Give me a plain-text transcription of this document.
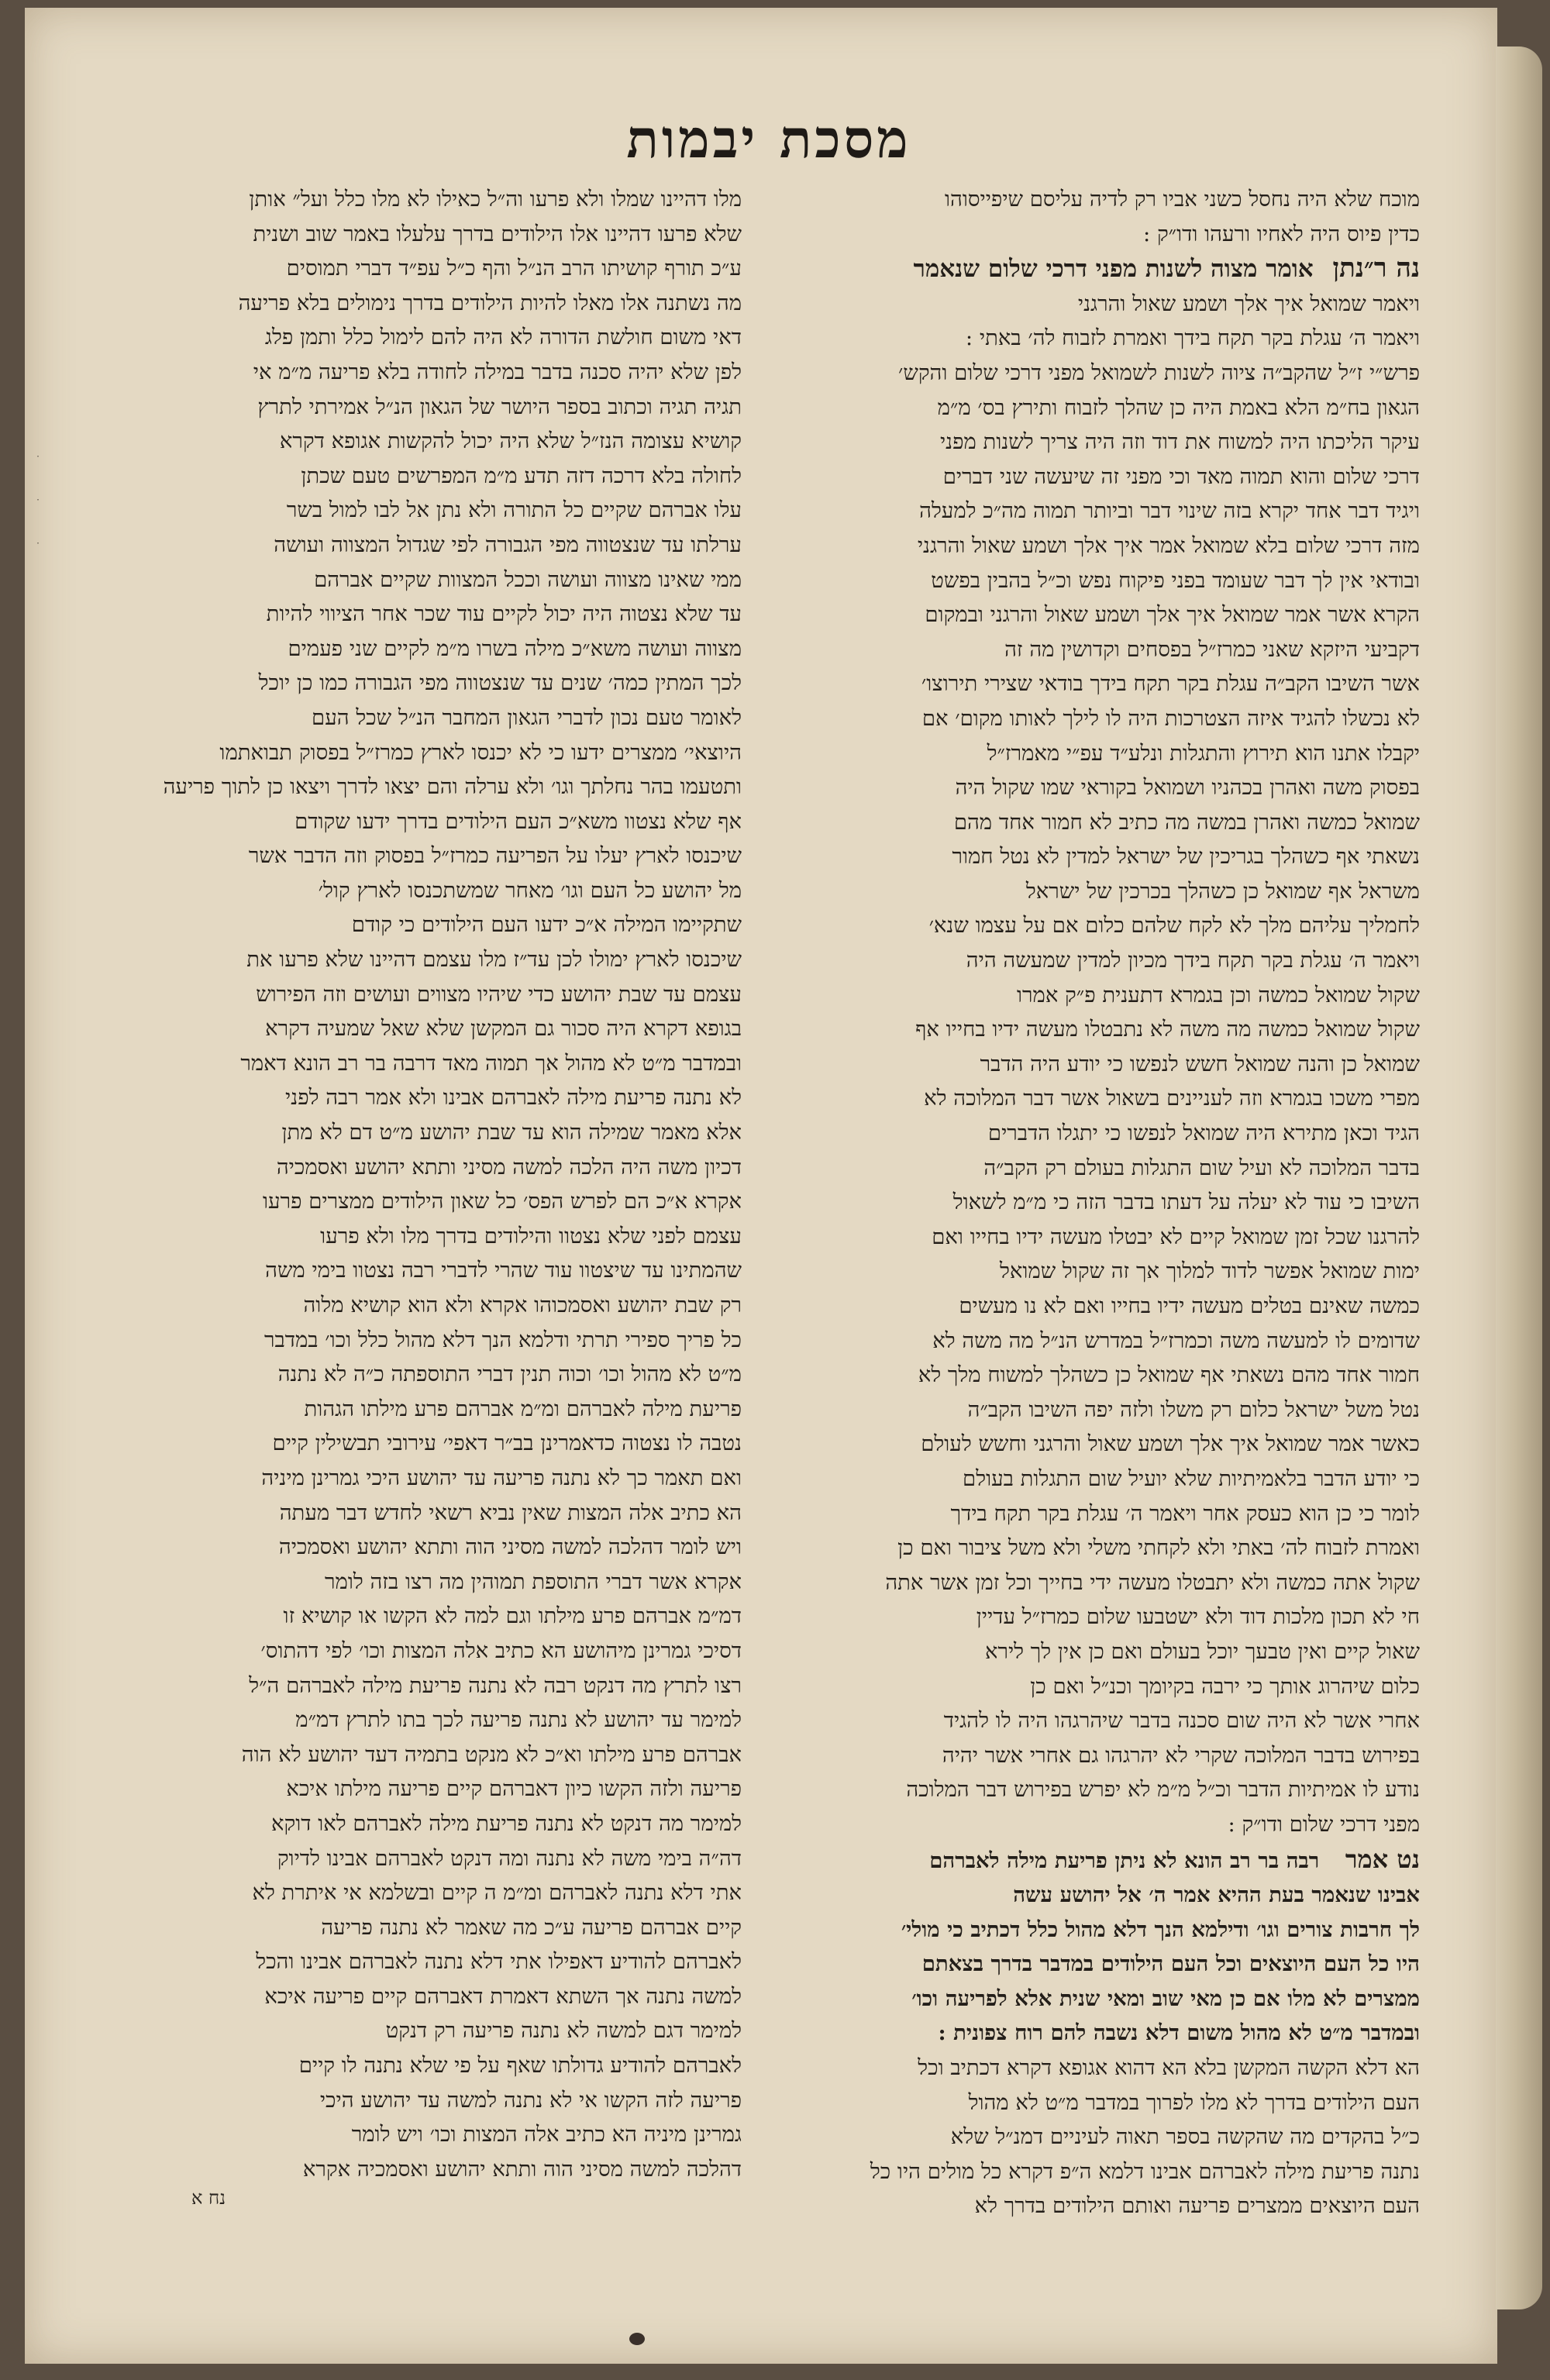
מסכת יבמות
מוכח שלא היה נחסל כשני אביו רק לדיה עליסם שיפייסוהו
כדין פיוס היה לאחיו ורעהו ודו״ק :
נה ר״נתן אומר מצוה לשנות מפני דרכי שלום שנאמר
ויאמר שמואל איך אלך ושמע שאול והרגני
ויאמר ה׳ עגלת בקר תקח בידך ואמרת לזבוח לה׳ באתי :
פרש״י ז״ל שהקב״ה ציוה לשנות לשמואל מפני דרכי שלום והקש׳
הגאון בח״מ הלא באמת היה כן שהלך לזבוח ותירץ בס׳ מ״מ
עיקר הליכתו היה למשוח את דוד וזה היה צריך לשנות מפני
דרכי שלום והוא תמוה מאד וכי מפני זה שיעשה שני דברים
ויגיד דבר אחד יקרא בזה שינוי דבר וביותר תמוה מה״כ למעלה
מזה דרכי שלום בלא שמואל אמר איך אלך ושמע שאול והרגני
ובודאי אין לך דבר שעומד בפני פיקוח נפש וכ״ל בהבין בפשט
הקרא אשר אמר שמואל איך אלך ושמע שאול והרגני ובמקום
דקביעי היזקא שאני כמרז״ל בפסחים וקדושין מה זה
אשר השיבו הקב״ה עגלת בקר תקח בידך בודאי שצירי תירוצו׳
לא נכשלו להגיד איזה הצטרכות היה לו לילך לאותו מקום׳ אם
יקבלו אתנו הוא תירוץ והתגלות ונלע״ד עפ״י מאמרז״ל
בפסוק משה ואהרן בכהניו ושמואל בקוראי שמו שקול היה
שמואל כמשה ואהרן במשה מה כתיב לא חמור אחד מהם
נשאתי אף כשהלך בגריכין של ישראל למדין לא נטל חמור
משראל אף שמואל כן כשהלך בכרכין של ישראל
לחמליך עליהם מלך לא לקח שלהם כלום אם על עצמו שנא׳
ויאמר ה׳ עגלת בקר תקח בידך מכיון למדין שמעשה היה
שקול שמואל כמשה וכן בגמרא דתענית פ״ק אמרו
שקול שמואל כמשה מה משה לא נתבטלו מעשה ידיו בחייו אף
שמואל כן והנה שמואל חשש לנפשו כי יודע היה הדבר
מפרי משכו בגמרא וזה לעניינים בשאול אשר דבר המלוכה לא
הגיד וכאן מתירא היה שמואל לנפשו כי יתגלו הדברים
בדבר המלוכה לא ועיל שום התגלות בעולם רק הקב״ה
השיבו כי עוד לא יעלה על דעתו בדבר הזה כי מ״מ לשאול
להרגנו שכל זמן שמואל קיים לא יבטלו מעשה ידיו בחייו ואם
ימות שמואל אפשר לדוד למלוך אך זה שקול שמואל
כמשה שאינם בטלים מעשה ידיו בחייו ואם לא נו מעשים
שדומים לו למעשה משה וכמרז״ל במדרש הנ״ל מה משה לא
חמור אחד מהם נשאתי אף שמואל כן כשהלך למשוח מלך לא
נטל משל ישראל כלום רק משלו ולזה יפה השיבו הקב״ה
כאשר אמר שמואל איך אלך ושמע שאול והרגני וחשש לעולם
כי יודע הדבר בלאמיתיות שלא יועיל שום התגלות בעולם
לומר כי כן הוא כעסק אחר ויאמר ה׳ עגלת בקר תקח בידך
ואמרת לזבוח לה׳ באתי ולא לקחתי משלי ולא משל ציבור ואם כן
שקול אתה כמשה ולא יתבטלו מעשה ידי בחייך וכל זמן אשר אתה
חי לא תכון מלכות דוד ולא ישטבעו שלום כמרז״ל עדיין
שאול קיים ואין טבעך יוכל בעולם ואם כן אין לך לירא
כלום שיהרוג אותך כי ירבה בקיומך וכנ״ל ואם כן
אחרי אשר לא היה שום סכנה בדבר שיהרגהו היה לו להגיד
בפירוש בדבר המלוכה שקרי לא יהרגהו גם אחרי אשר יהיה
נודע לו אמיתיות הדבר וכ״ל מ״מ לא יפרש בפירוש דבר המלוכה
מפני דרכי שלום ודו״ק :
נט אמר רבה בר רב הונא לא ניתן פריעת מילה לאברהם
אבינו שנאמר בעת ההיא אמר ה׳ אל יהושע עשה
לך חרבות צורים וגו׳ ודילמא הנך דלא מהול כלל דכתיב כי מולי׳
היו כל העם היוצאים וכל העם הילודים במדבר בדרך בצאתם
ממצרים לא מלו אם כן מאי שוב ומאי שנית אלא לפריעה וכו׳
ובמדבר מ״ט לא מהול משום דלא נשבה להם רוח צפונית :
הא דלא הקשה המקשן בלא הא דהוא אגופא דקרא דכתיב וכל
העם הילודים בדרך לא מלו לפרוך במדבר מ״ט לא מהול
כ״ל בהקדים מה שהקשה בספר תאוה לעיניים דמנ״ל שלא
נתנה פריעת מילה לאברהם אבינו דלמא ה״פ דקרא כל מולים היו כל
העם היוצאים ממצרים פריעה ואותם הילודים בדרך לא
מלו דהיינו שמלו ולא פרעו וה״ל כאילו לא מלו כלל ועל״ אותן
שלא פרעו דהיינו אלו הילודים בדרך עלעלו באמר שוב ושנית
ע״כ תורף קושיתו הרב הנ״ל והף כ״ל עפ״ד דברי תמוסים
מה נשתנה אלו מאלו להיות הילודים בדרך נימולים בלא פריעה
דאי משום חולשת הדורה לא היה להם לימול כלל ותמן פלג
לפן שלא יהיה סכנה בדבר במילה לחודה בלא פריעה מ״מ אי
תגיה תגיה וכתוב בספר היושר של הגאון הנ״ל אמירתי לתרץ
קושיא עצומה הנז״ל שלא היה יכול להקשות אגופא דקרא
לחולה בלא דרכה דזה תדע מ״מ המפרשים טעם שכתן
עלו אברהם שקיים כל התורה ולא נתן אל לבו למול בשר
ערלתו עד שנצטווה מפי הגבורה לפי שגדול המצווה ועושה
ממי שאינו מצווה ועושה וככל המצוות שקיים אברהם
עד שלא נצטוה היה יכול לקיים עוד שכר אחר הציווי להיות
מצווה ועושה משא״כ מילה בשרו מ״מ לקיים שני פעמים
לכך המתין כמה׳ שנים עד שנצטווה מפי הגבורה כמו כן יוכל
לאומר טעם נכון לדברי הגאון המחבר הנ״ל שכל העם
היוצאי׳ ממצרים ידעו כי לא יכנסו לארץ כמרז״ל בפסוק תבואתמו
ותטעמו בהר נחלתך וגו׳ ולא ערלה והם יצאו לדרך ויצאו כן לתוך פריעה
אף שלא נצטוו משא״כ העם הילודים בדרך ידעו שקודם
שיכנסו לארץ יעלו על הפריעה כמרז״ל בפסוק וזה הדבר אשר
מל יהושע כל העם וגו׳ מאחר שמשתכנסו לארץ קול׳
שתקיימו המילה א״כ ידעו העם הילודים כי קודם
שיכנסו לארץ ימולו לכן עד״ז מלו עצמם דהיינו שלא פרעו את
עצמם עד שבת יהושע כדי שיהיו מצווים ועושים וזה הפירוש
בגופא דקרא היה סכור גם המקשן שלא שאל שמעיה דקרא
ובמדבר מ״ט לא מהול אך תמוה מאד דרבה בר רב הונא דאמר
לא נתנה פריעת מילה לאברהם אבינו ולא אמר רבה לפני
אלא מאמר שמילה הוא עד שבת יהושע מ״ט דם לא מתן
דכיון משה היה הלכה למשה מסיני ותתא יהושע ואסמכיה
אקרא א״כ הם לפרש הפס׳ כל שאון הילודים ממצרים פרעו
עצמם לפני שלא נצטוו והילודים בדרך מלו ולא פרעו
שהמתינו עד שיצטוו עוד שהרי לדברי רבה נצטוו בימי משה
רק שבת יהושע ואסמכוהו אקרא ולא הוא קושיא מלוה
כל פריך ספירי תרתי ודלמא הנך דלא מהול כלל וכו׳ במדבר
מ״ט לא מהול וכו׳ וכוה תנין דברי התוספתה כ״ה לא נתנה
פריעת מילה לאברהם ומ״מ אברהם פרע מילתו הגהות
נטבה לו נצטוה כדאמרינן בב״ר דאפי׳ עירובי תבשילין קיים
ואם תאמר כך לא נתנה פריעה עד יהושע היכי גמרינן מיניה
הא כתיב אלה המצות שאין נביא רשאי לחדש דבר מעתה
ויש לומר דהלכה למשה מסיני הוה ותתא יהושע ואסמכיה
אקרא אשר דברי התוספת תמוהין מה רצו בזה לומר
דמ״מ אברהם פרע מילתו וגם למה לא הקשו או קושיא זו
דסיכי גמרינן מיהושע הא כתיב אלה המצות וכו׳ לפי דהתוס׳
רצו לתרץ מה דנקט רבה לא נתנה פריעת מילה לאברהם ה״ל
למימר עד יהושע לא נתנה פריעה לכך בתו לתרץ דמ״מ
אברהם פרע מילתו וא״כ לא מנקט בתמיה דעד יהושע לא הוה
פריעה ולזה הקשו כיון דאברהם קיים פריעה מילתו איכא
למימר מה דנקט לא נתנה פריעת מילה לאברהם לאו דוקא
דה״ה בימי משה לא נתנה ומה דנקט לאברהם אבינו לדיוק
אתי דלא נתנה לאברהם ומ״מ ה קיים ובשלמא אי איתרת לא
קיים אברהם פריעה ע״כ מה שאמר לא נתנה פריעה
לאברהם להודיע דאפילו אתי דלא נתנה לאברהם אבינו והכל
למשה נתנה אך השתא דאמרת דאברהם קיים פריעה איכא
למימר דגם למשה לא נתנה פריעה רק דנקט
לאברהם להודיע גדולתו שאף על פי שלא נתנה לו קיים
פריעה לזה הקשו אי לא נתנה למשה עד יהושע היכי
גמרינן מיניה הא כתיב אלה המצות וכו׳ ויש לומר
דהלכה למשה מסיני הוה ותתא יהושע ואסמכיה אקרא
נח א
